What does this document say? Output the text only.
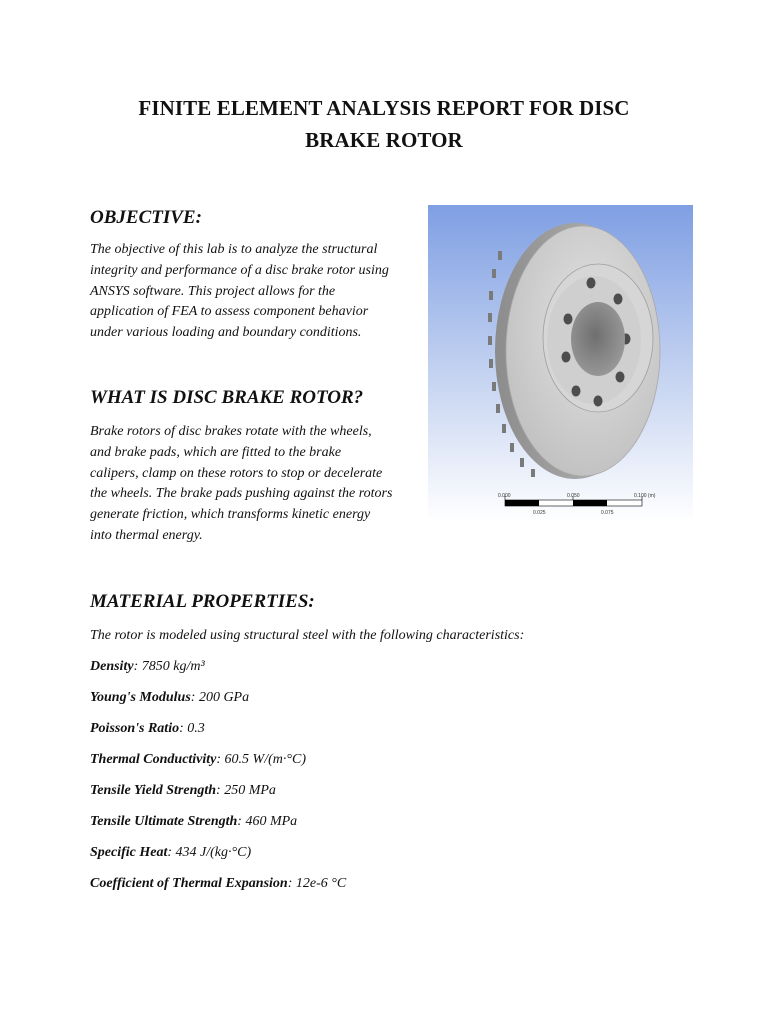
FINITE ELEMENT ANALYSIS REPORT FOR DISC
BRAKE ROTOR
OBJECTIVE:
The objective of this lab is to analyze the structural
integrity and performance of a disc brake rotor using
ANSYS software. This project allows for the
application of FEA to assess component behavior
under various loading and boundary conditions.
WHAT IS DISC BRAKE ROTOR?
Brake rotors of disc brakes rotate with the wheels,
and brake pads, which are fitted to the brake
calipers, clamp on these rotors to stop or decelerate
the wheels. The brake pads pushing against the rotors
generate friction, which transforms kinetic energy
into thermal energy.
0.000	0.050	0.100 (m)
0.025	0.075
MATERIAL PROPERTIES:
The rotor is modeled using structural steel with the following characteristics:
Density: 7850 kg/m³
Young's Modulus: 200 GPa
Poisson's Ratio: 0.3
Thermal Conductivity: 60.5 W/(m·°C)
Tensile Yield Strength: 250 MPa
Tensile Ultimate Strength: 460 MPa
Specific Heat: 434 J/(kg·°C)
Coefficient of Thermal Expansion: 12e-6 °C
